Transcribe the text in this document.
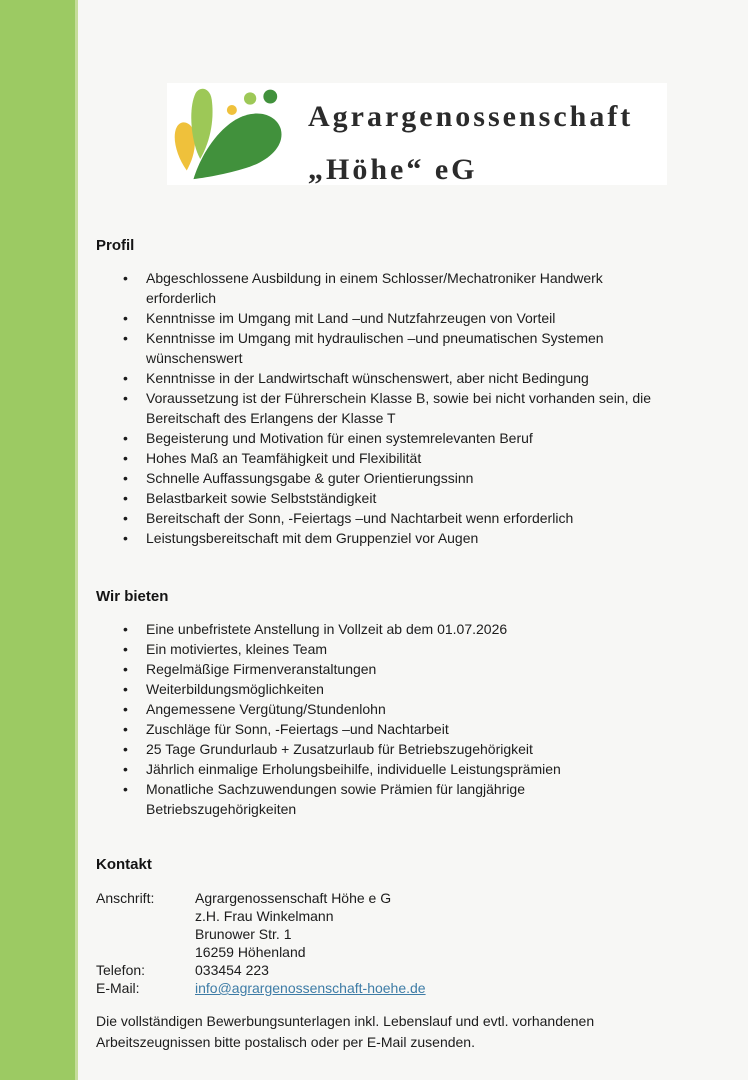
Agrargenossenschaft
„Höhe“ eG
Profil
• Abgeschlossene Ausbildung in einem Schlosser/Mechatroniker Handwerk erforderlich
• Kenntnisse im Umgang mit Land –und Nutzfahrzeugen von Vorteil
• Kenntnisse im Umgang mit hydraulischen –und pneumatischen Systemen wünschenswert
• Kenntnisse in der Landwirtschaft wünschenswert, aber nicht Bedingung
• Voraussetzung ist der Führerschein Klasse B, sowie bei nicht vorhanden sein, die Bereitschaft des Erlangens der Klasse T
• Begeisterung und Motivation für einen systemrelevanten Beruf
• Hohes Maß an Teamfähigkeit und Flexibilität
• Schnelle Auffassungsgabe & guter Orientierungssinn
• Belastbarkeit sowie Selbstständigkeit
• Bereitschaft der Sonn, -Feiertags –und Nachtarbeit wenn erforderlich
• Leistungsbereitschaft mit dem Gruppenziel vor Augen
Wir bieten
• Eine unbefristete Anstellung in Vollzeit ab dem 01.07.2026
• Ein motiviertes, kleines Team
• Regelmäßige Firmenveranstaltungen
• Weiterbildungsmöglichkeiten
• Angemessene Vergütung/Stundenlohn
• Zuschläge für Sonn, -Feiertags –und Nachtarbeit
• 25 Tage Grundurlaub + Zusatzurlaub für Betriebszugehörigkeit
• Jährlich einmalige Erholungsbeihilfe, individuelle Leistungsprämien
• Monatliche Sachzuwendungen sowie Prämien für langjährige Betriebszugehörigkeiten
Kontakt
Anschrift:	Agrargenossenschaft Höhe e G
z.H. Frau Winkelmann
Brunower Str. 1
16259 Höhenland
Telefon:	033454 223
E-Mail:	info@agrargenossenschaft-hoehe.de

Die vollständigen Bewerbungsunterlagen inkl. Lebenslauf und evtl. vorhandenen
Arbeitszeugnissen bitte postalisch oder per E-Mail zusenden.
